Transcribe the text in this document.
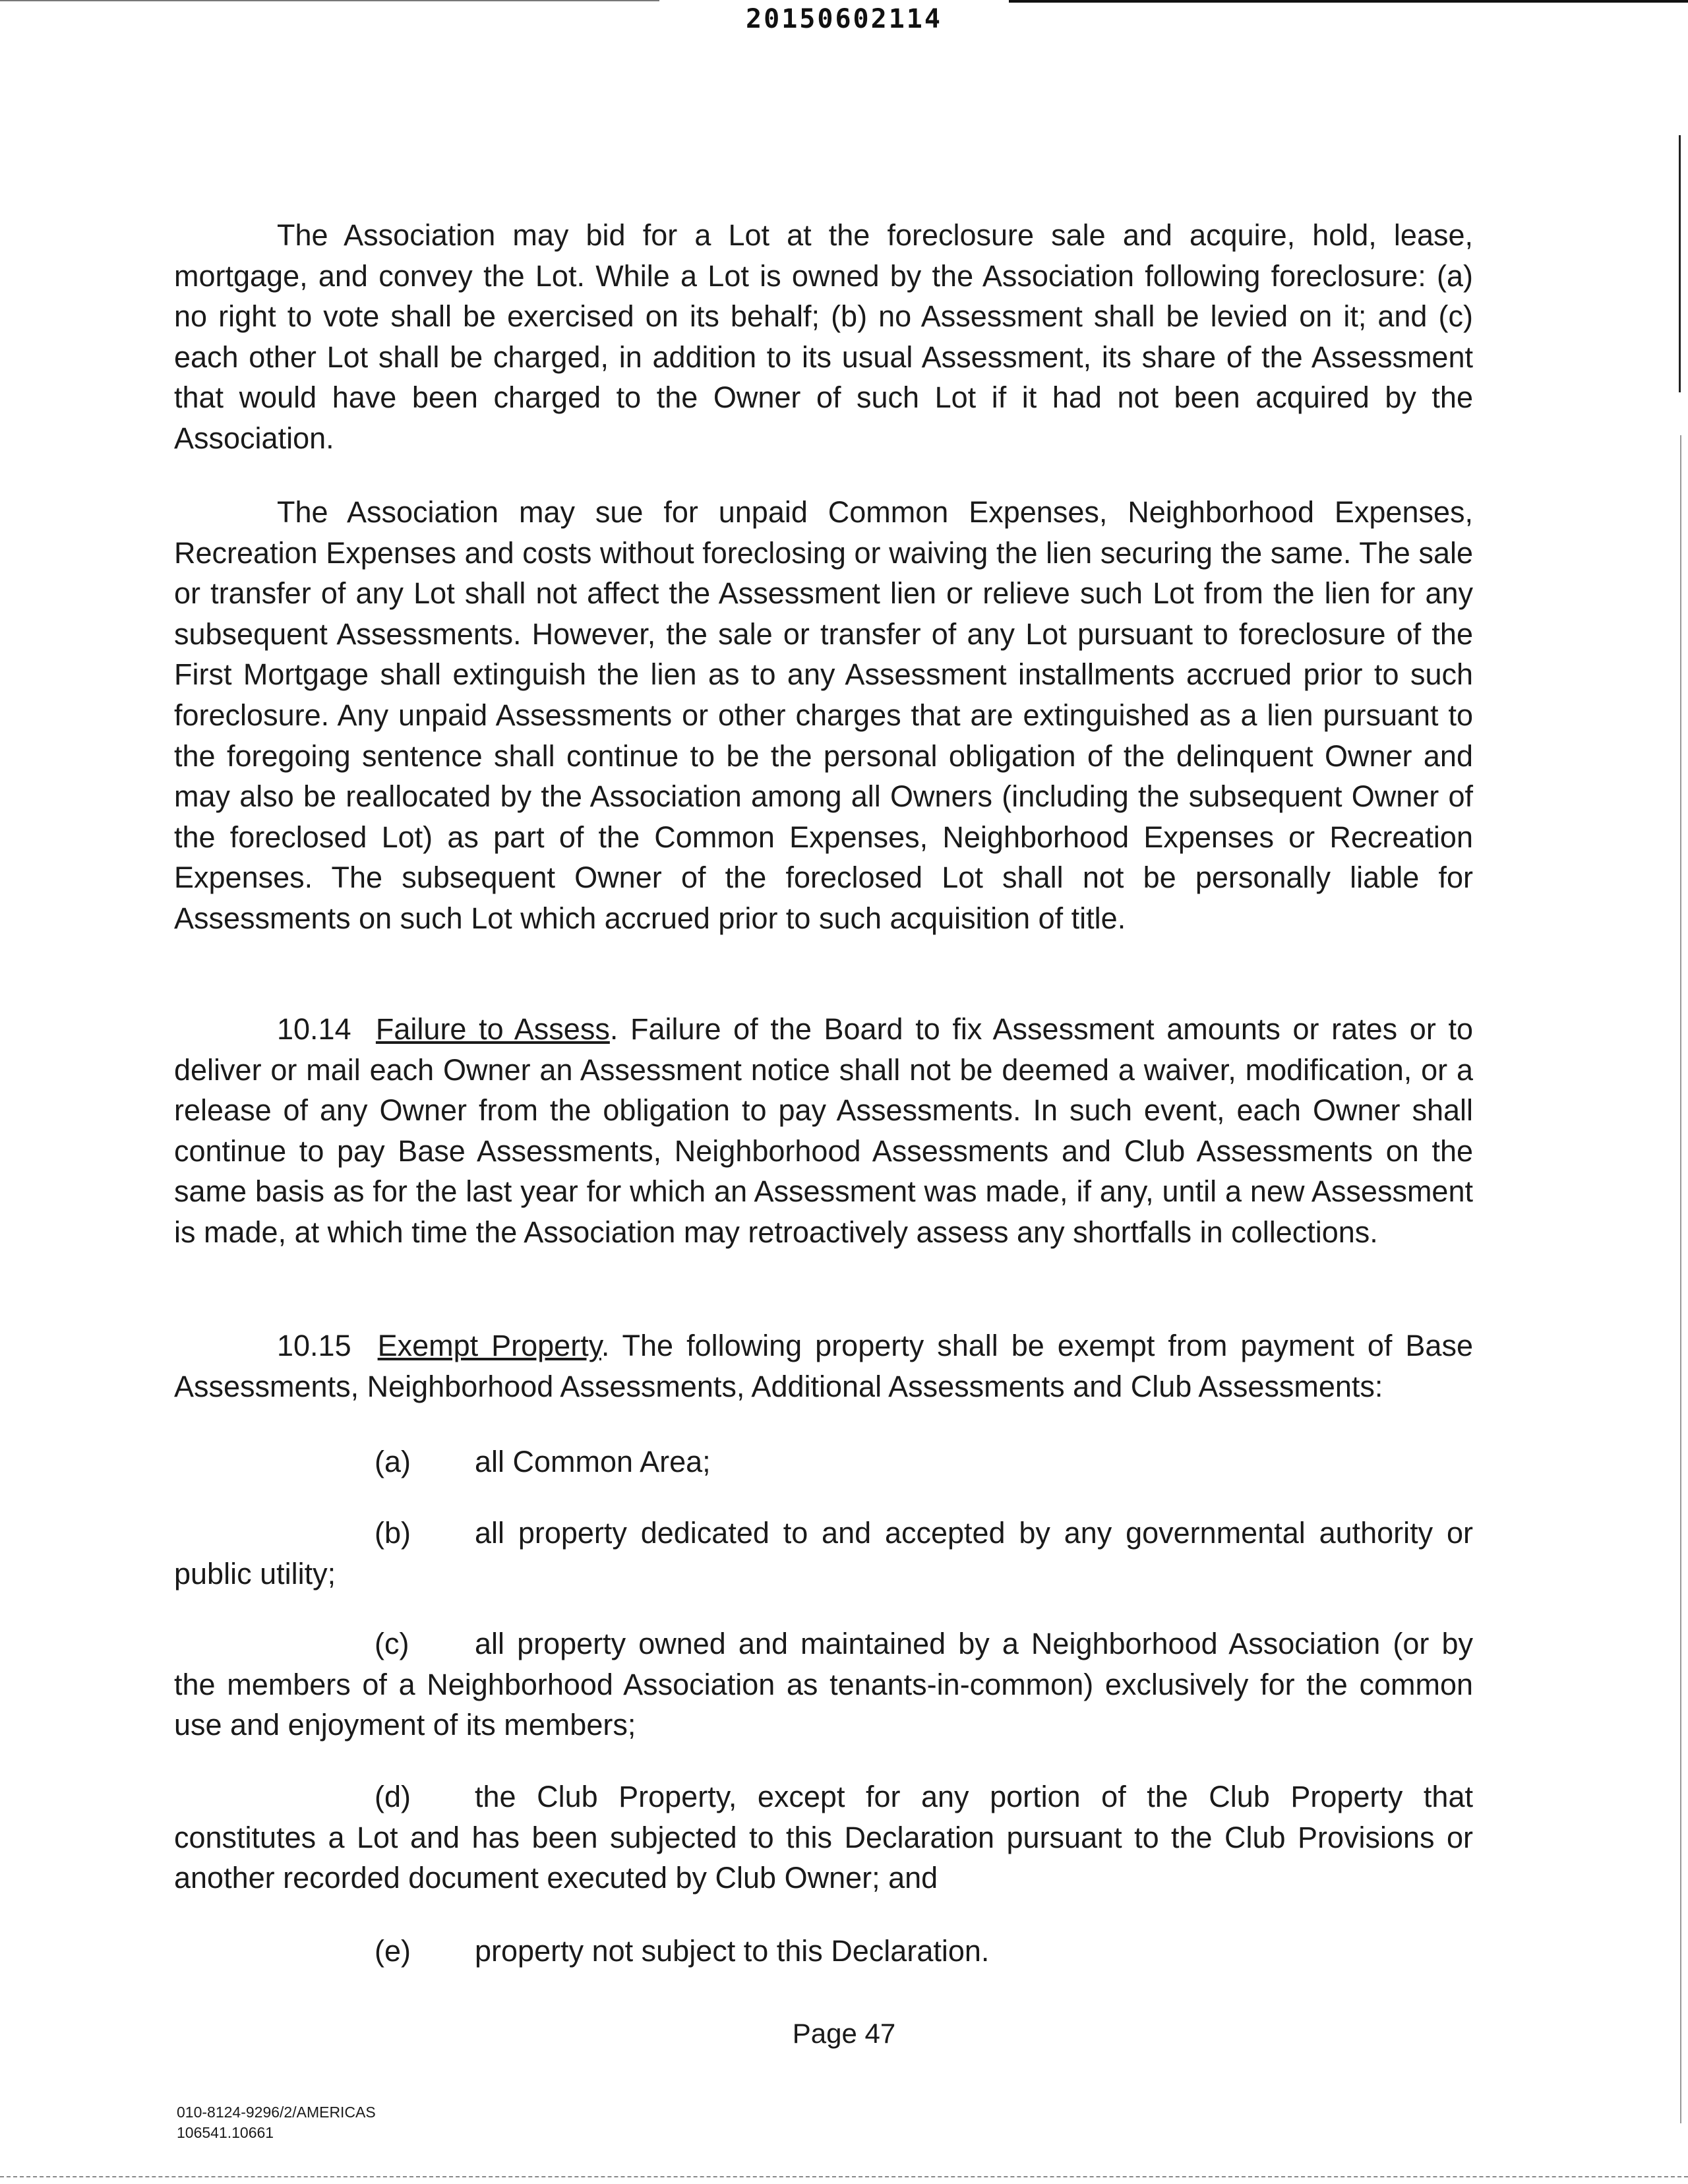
20150602114

The Association may bid for a Lot at the foreclosure sale and acquire, hold, lease, mortgage, and convey the Lot. While a Lot is owned by the Association following foreclosure: (a) no right to vote shall be exercised on its behalf; (b) no Assessment shall be levied on it; and (c) each other Lot shall be charged, in addition to its usual Assessment, its share of the Assessment that would have been charged to the Owner of such Lot if it had not been acquired by the Association.

The Association may sue for unpaid Common Expenses, Neighborhood Expenses, Recreation Expenses and costs without foreclosing or waiving the lien securing the same. The sale or transfer of any Lot shall not affect the Assessment lien or relieve such Lot from the lien for any subsequent Assessments. However, the sale or transfer of any Lot pursuant to foreclosure of the First Mortgage shall extinguish the lien as to any Assessment installments accrued prior to such foreclosure. Any unpaid Assessments or other charges that are extinguished as a lien pursuant to the foregoing sentence shall continue to be the personal obligation of the delinquent Owner and may also be reallocated by the Association among all Owners (including the subsequent Owner of the foreclosed Lot) as part of the Common Expenses, Neighborhood Expenses or Recreation Expenses. The subsequent Owner of the foreclosed Lot shall not be personally liable for Assessments on such Lot which accrued prior to such acquisition of title.

10.14 Failure to Assess. Failure of the Board to fix Assessment amounts or rates or to deliver or mail each Owner an Assessment notice shall not be deemed a waiver, modification, or a release of any Owner from the obligation to pay Assessments. In such event, each Owner shall continue to pay Base Assessments, Neighborhood Assessments and Club Assessments on the same basis as for the last year for which an Assessment was made, if any, until a new Assessment is made, at which time the Association may retroactively assess any shortfalls in collections.

10.15 Exempt Property. The following property shall be exempt from payment of Base Assessments, Neighborhood Assessments, Additional Assessments and Club Assessments:

(a) all Common Area;

(b) all property dedicated to and accepted by any governmental authority or public utility;

(c) all property owned and maintained by a Neighborhood Association (or by the members of a Neighborhood Association as tenants-in-common) exclusively for the common use and enjoyment of its members;

(d) the Club Property, except for any portion of the Club Property that constitutes a Lot and has been subjected to this Declaration pursuant to the Club Provisions or another recorded document executed by Club Owner; and

(e) property not subject to this Declaration.

Page 47
010-8124-9296/2/AMERICAS
106541.10661
